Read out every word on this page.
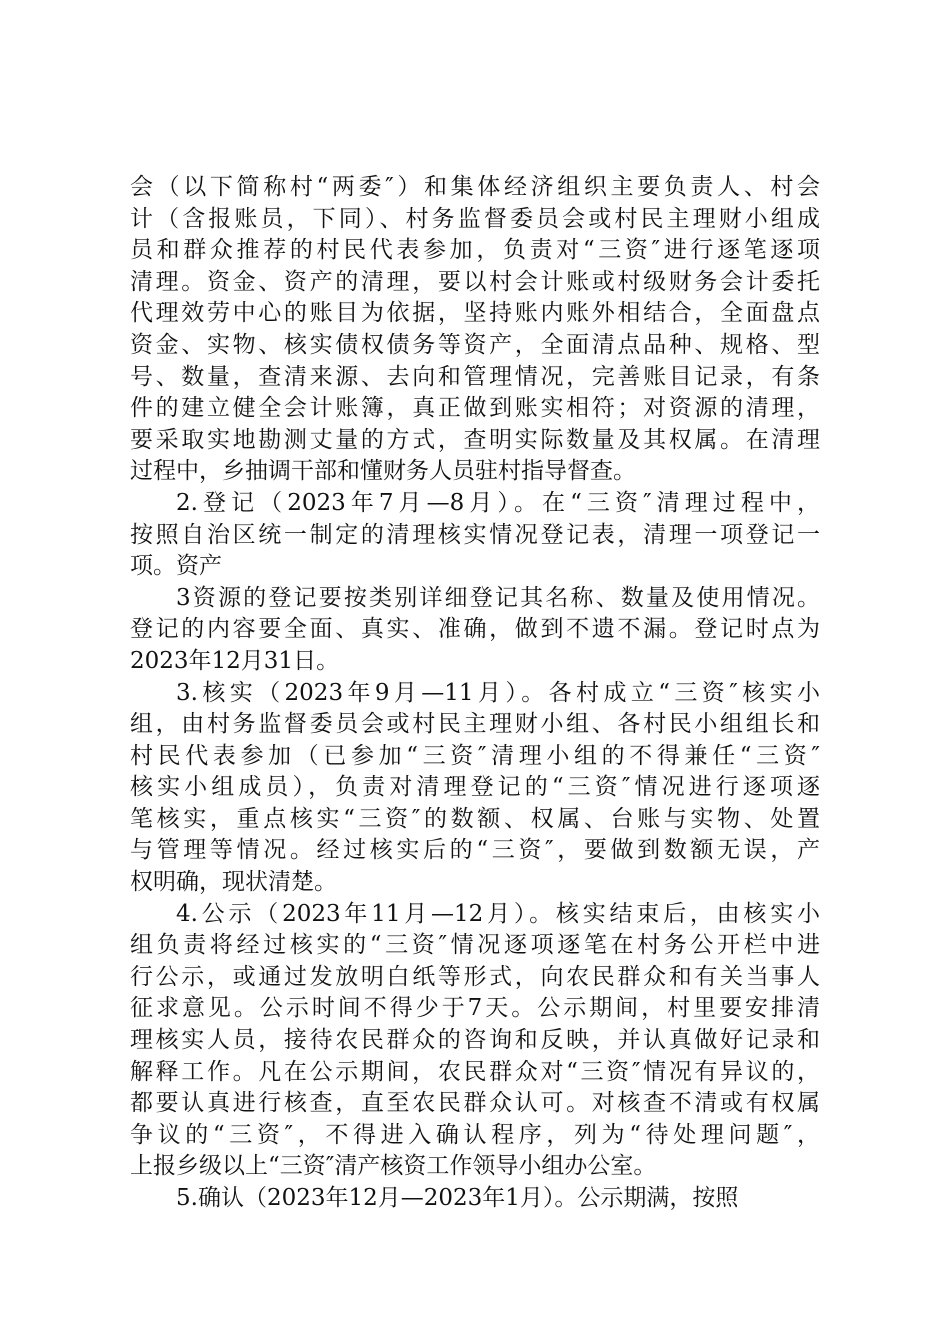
会（以下简称村“两委″）和集体经济组织主要负责人、村会
计（含报账员，下同）、村务监督委员会或村民主理财小组成
员和群众推荐的村民代表参加，负责对“三资″进行逐笔逐项
清理。资金、资产的清理，要以村会计账或村级财务会计委托
代理效劳中心的账目为依据，坚持账内账外相结合，全面盘点
资金、实物、核实债权债务等资产，全面清点品种、规格、型
号、数量，查清来源、去向和管理情况，完善账目记录，有条
件的建立健全会计账簿，真正做到账实相符；对资源的清理，
要采取实地勘测丈量的方式，查明实际数量及其权属。在清理
过程中，乡抽调干部和懂财务人员驻村指导督查。
2.登记（2023年7月—8月）。在“三资″清理过程中，
按照自治区统一制定的清理核实情况登记表，清理一项登记一
项。资产
3资源的登记要按类别详细登记其名称、数量及使用情况。
登记的内容要全面、真实、准确，做到不遗不漏。登记时点为
2023年12月31日。
3.核实（2023年9月—11月）。各村成立“三资″核实小
组，由村务监督委员会或村民主理财小组、各村民小组组长和
村民代表参加（已参加“三资″清理小组的不得兼任“三资″
核实小组成员），负责对清理登记的“三资″情况进行逐项逐
笔核实，重点核实“三资″的数额、权属、台账与实物、处置
与管理等情况。经过核实后的“三资″，要做到数额无误，产
权明确，现状清楚。
4.公示（2023年11月—12月）。核实结束后，由核实小
组负责将经过核实的“三资″情况逐项逐笔在村务公开栏中进
行公示，或通过发放明白纸等形式，向农民群众和有关当事人
征求意见。公示时间不得少于7天。公示期间，村里要安排清
理核实人员，接待农民群众的咨询和反映，并认真做好记录和
解释工作。凡在公示期间，农民群众对“三资″情况有异议的，
都要认真进行核查，直至农民群众认可。对核查不清或有权属
争议的“三资″，不得进入确认程序，列为“待处理问题″，
上报乡级以上“三资″清产核资工作领导小组办公室。
5.确认（2023年12月—2023年1月）。公示期满，按照
